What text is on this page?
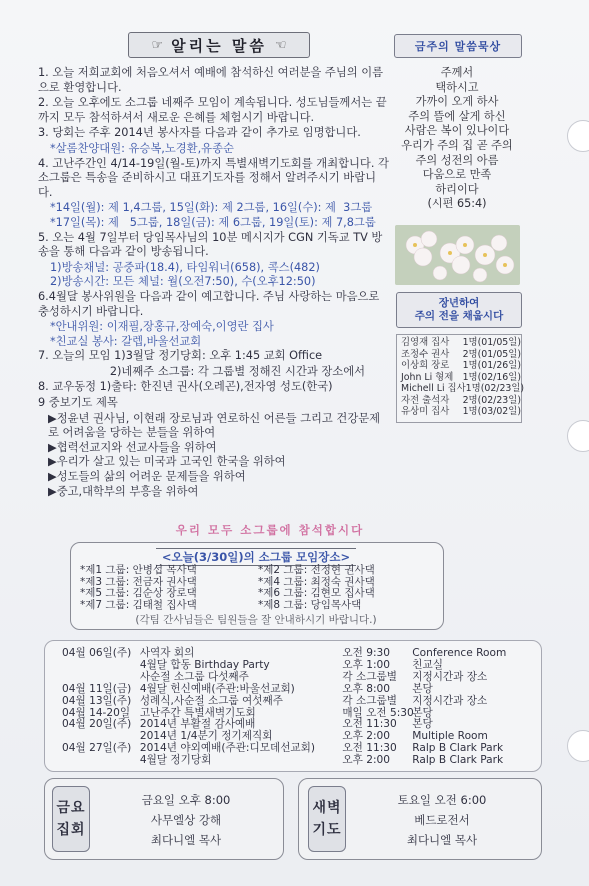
☞ 알리는 말씀 ☜
1. 오늘 저희교회에 처음오셔서 예배에 참석하신 여러분을 주님의 이름으로 환영합니다.
2. 오늘 오후에도 소그룹 네째주 모임이 계속됩니다. 성도님들께서는 끝까지 모두 참석하셔서 새로운 은혜를 체험시기 바랍니다.
3. 당회는 주후 2014년 봉사자를 다음과 같이 추가로 임명합니다.
*살롬찬양대원: 유승복,노경환,유종순
4. 고난주간인 4/14-19일(월-토)까지 특별새벽기도회를 개최합니다. 각소그룹은 특송을 준비하시고 대표기도자를 정해서 알려주시기 바랍니다.
*14일(월): 제 1,4그룹, 15일(화): 제 2그룹, 16일(수): 제  3그룹
*17일(목): 제   5그룹, 18일(금): 제 6그룹, 19일(토): 제 7,8그룹
5. 오는 4월 7일부터 당임목사님의 10분 메시지가 CGN 기독교 TV 방송을 통해 다음과 같이 방송됩니다.
1)방송채널: 공중파(18.4), 타임워너(658), 콕스(482)
2)방송시간: 모든 체널: 월(오전7:50), 수(오후12:50)
6.4월달 봉사위원을 다음과 같이 예고합니다. 주님 사랑하는 마음으로 충성하시기 바랍니다.
*안내위원: 이재필,장홍규,장예숙,이영란 집사
*친교실 봉사: 갈렙,바울선교회
7. 오늘의 모임 1)3월달 정기당회: 오후 1:45 교회 Office
2)네째주 소그룹: 각 그룹별 정해진 시간과 장소에서
8. 교우동정 1)출타: 한진년 권사(오레곤),전자영 성도(한국)
9 중보기도 제목
▶정윤년 권사님, 이현래 장로님과 연로하신 어른들 그리고 건강문제로 어려움을 당하는 분들을 위하여
▶협력선교지와 선교사들을 위하여
▶우리가 살고 있는 미국과 고국인 한국을 위하여
▶성도들의 삶의 어려운 문제들을 위하여
▶중고,대학부의 부흥을 위하여
금주의 말씀묵상
주께서
택하시고
가까이 오게 하사
주의 뜰에 살게 하신
사람은 복이 있나이다
우리가 주의 집 곧 주의
주의 성전의 아름
다움으로 만족
하리이다
(시편 65:4)
장년하여
주의 전을 채웁시다
김영재 집사	1명(01/05일)
조정수 권사	2명(01/05일)
이상희 장로	1명(01/26일)
John Li 형제 1명(02/16일)
Michell Li 집사 1명(02/23일)
자전 출석자	2명(02/23일)
유상미 집사	1명(03/02일)
우리 모두 소그룹에 참석합시다
<오늘(3/30일)의 소그룹 모임장소>
*제1 그룹: 안병섭 목사댁	*제2 그룹: 전정현 권사댁
*제3 그룹: 전금자 권사댁	*제4 그룹: 최정숙 권사댁
*제5 그룹: 김순상 장로댁	*제6 그룹: 김현모 집사댁
*제7 그룹: 김태철 집사댁	*제8 그룹: 당임목사댁
(각팀 간사님들은 팀원들을 잘 안내하시기 바랍니다.)
04월 06일(주) 사역자 회의	오전 9:30	Conference Room
4월달 합동 Birthday Party	오후 1:00	친교실
사순절 소그룹 다섯째주	각 소그룹별	지정시간과 장소
04월 11일(금) 4월달 헌신예배(주관:바울선교회)	오후 8:00	본당
04월 13일(주) 성례식,사순절 소그룹 여섯째주	각 소그룹별	지정시간과 장소
04월 14-20일 고난주간 특별새벽기도회	매일 오전 5:30
본당
04월 20일(주) 2014년 부활절 감사예배	오전 11:30	본당
2014년 1/4분기 정기제직회	오후 2:00	Multiple Room
04월 27일(주) 2014년 야외예배(주관:디모데선교회)	오전 11:30	Ralp B Clark Park
4월달 정기당회	오후 2:00	Ralp B Clark Park
금요
집회
금요일 오후 8:00
사무엘상 강해
최다니엘 목사
새벽
기도
토요일 오전 6:00
베드로전서
최다니엘 목사
